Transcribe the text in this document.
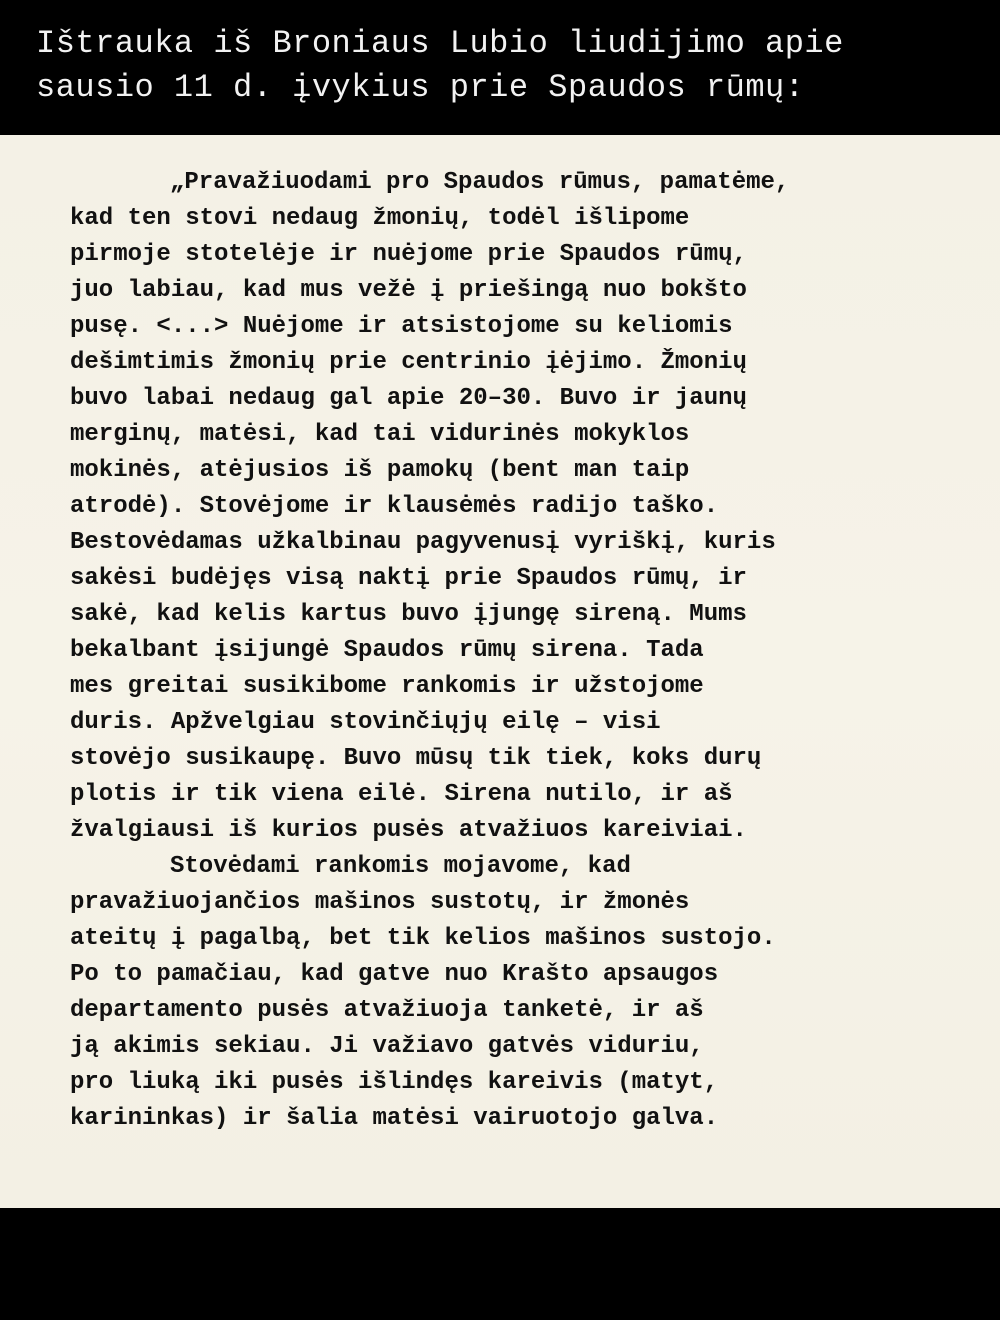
Ištrauka iš Broniaus Lubio liudijimo apie

sausio 11 d. įvykius prie Spaudos rūmų:

„Pravažiuodami pro Spaudos rūmus, pamatėme,

kad ten stovi nedaug žmonių, todėl išlipome

pirmoje stotelėje ir nuėjome prie Spaudos rūmų,

juo labiau, kad mus vežė į priešingą nuo bokšto

pusę. <...> Nuėjome ir atsistojome su keliomis

dešimtimis žmonių prie centrinio įėjimo. Žmonių

buvo labai nedaug gal apie 20–30. Buvo ir jaunų

merginų, matėsi, kad tai vidurinės mokyklos

mokinės, atėjusios iš pamokų (bent man taip

atrodė). Stovėjome ir klausėmės radijo taško.

Bestovėdamas užkalbinau pagyvenusį vyriškį, kuris

sakėsi budėjęs visą naktį prie Spaudos rūmų, ir

sakė, kad kelis kartus buvo įjungę sireną. Mums

bekalbant įsijungė Spaudos rūmų sirena. Tada

mes greitai susikibome rankomis ir užstojome

duris. Apžvelgiau stovinčiųjų eilę – visi

stovėjo susikaupę. Buvo mūsų tik tiek, koks durų

plotis ir tik viena eilė. Sirena nutilo, ir aš

žvalgiausi iš kurios pusės atvažiuos kareiviai.

Stovėdami rankomis mojavome, kad

pravažiuojančios mašinos sustotų, ir žmonės

ateitų į pagalbą, bet tik kelios mašinos sustojo.

Po to pamačiau, kad gatve nuo Krašto apsaugos

departamento pusės atvažiuoja tanketė, ir aš

ją akimis sekiau. Ji važiavo gatvės viduriu,

pro liuką iki pusės išlindęs kareivis (matyt,

karininkas) ir šalia matėsi vairuotojo galva.
